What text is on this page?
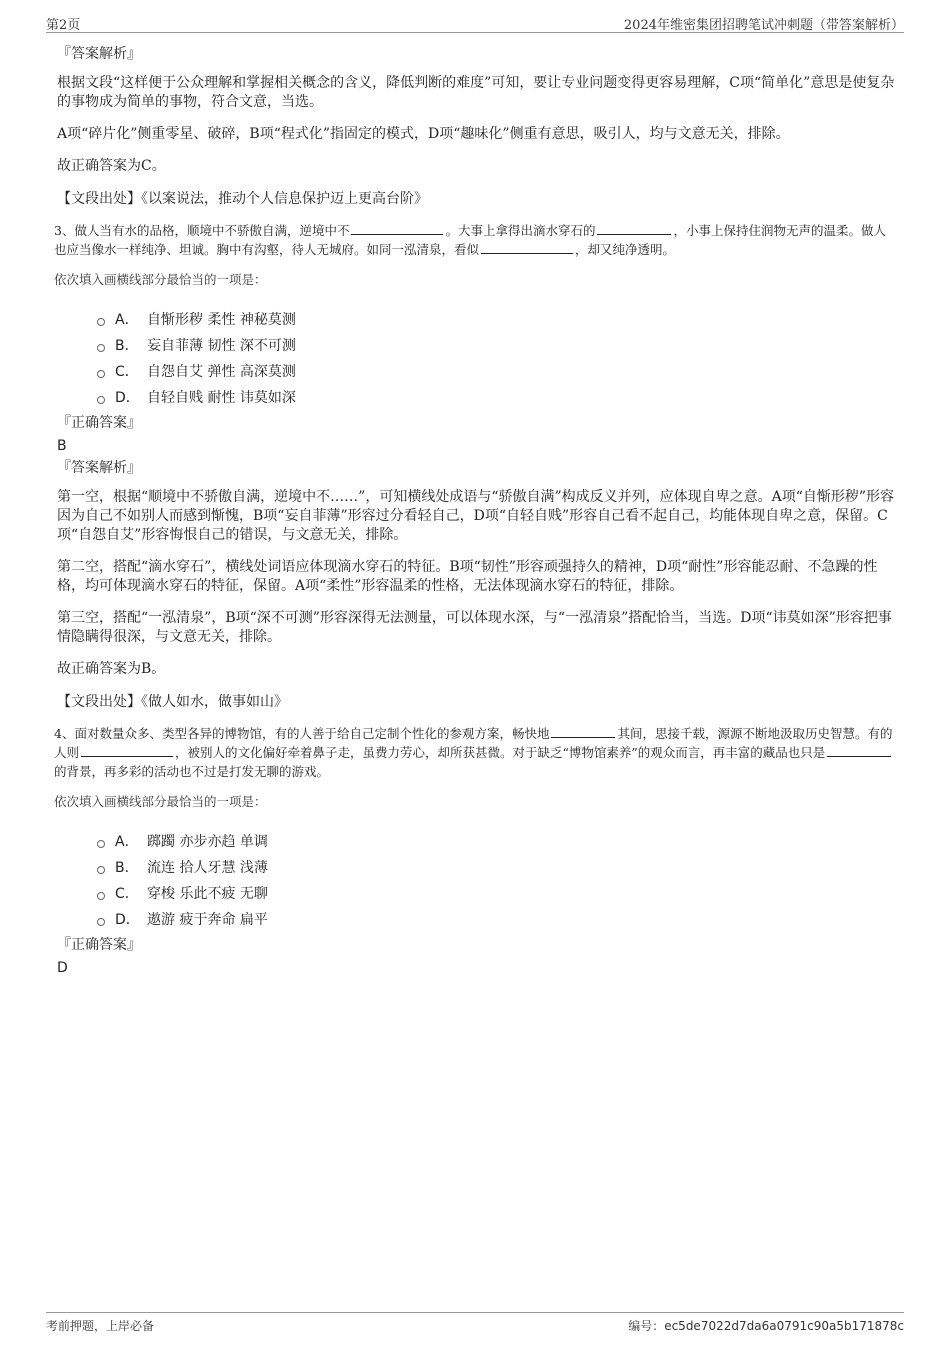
第2页	2024年维密集团招聘笔试冲刺题（带答案解析）
『答案解析』

根据文段“这样便于公众理解和掌握相关概念的含义，降低判断的难度”可知，要让专业问题变得更容易理解，C项“简单化”意思是使复杂的事物成为简单的事物，符合文意，当选。

A项“碎片化”侧重零星、破碎，B项“程式化”指固定的模式，D项“趣味化”侧重有意思，吸引人，均与文意无关，排除。

故正确答案为C。

【文段出处】《以案说法，推动个人信息保护迈上更高台阶》
3、做人当有水的品格，顺境中不骄傲自满，逆境中不	。大事上拿得出滴水穿石的	，小事上保持住润物无声的温柔。做人也应当像水一样纯净、坦诚。胸中有沟壑，待人无城府。如同一泓清泉，看似	，却又纯净透明。
依次填入画横线部分最恰当的一项是：
A． 自惭形秽 柔性 神秘莫测
B． 妄自菲薄 韧性 深不可测
C． 自怨自艾 弹性 高深莫测
D． 自轻自贱 耐性 讳莫如深
『正确答案』
B
『答案解析』

第一空，根据“顺境中不骄傲自满，逆境中不……”，可知横线处成语与“骄傲自满”构成反义并列，应体现自卑之意。A项“自惭形秽”形容因为自己不如别人而感到惭愧，B项“妄自菲薄”形容过分看轻自己，D项“自轻自贱”形容自己看不起自己，均能体现自卑之意，保留。C项“自怨自艾”形容悔恨自己的错误，与文意无关，排除。

第二空，搭配“滴水穿石”，横线处词语应体现滴水穿石的特征。B项“韧性”形容顽强持久的精神，D项“耐性”形容能忍耐、不急躁的性格，均可体现滴水穿石的特征，保留。A项“柔性”形容温柔的性格，无法体现滴水穿石的特征，排除。

第三空，搭配“一泓清泉”，B项“深不可测”形容深得无法测量，可以体现水深，与“一泓清泉”搭配恰当，当选。D项“讳莫如深”形容把事情隐瞒得很深，与文意无关，排除。

故正确答案为B。

【文段出处】《做人如水，做事如山》
4、面对数量众多、类型各异的博物馆，有的人善于给自己定制个性化的参观方案，畅快地	其间，思接千载，源源不断地汲取历史智慧。有的人则	，被别人的文化偏好牵着鼻子走，虽费力劳心，却所获甚微。对于缺乏“博物馆素养”的观众而言，再丰富的藏品也只是的背景，再多彩的活动也不过是打发无聊的游戏。
依次填入画横线部分最恰当的一项是：
A． 踯躅 亦步亦趋 单调
B． 流连 拾人牙慧 浅薄
C． 穿梭 乐此不疲 无聊
D． 遨游 疲于奔命 扁平
『正确答案』
D
考前押题，上岸必备	编号：ec5de7022d7da6a0791c90a5b171878c
